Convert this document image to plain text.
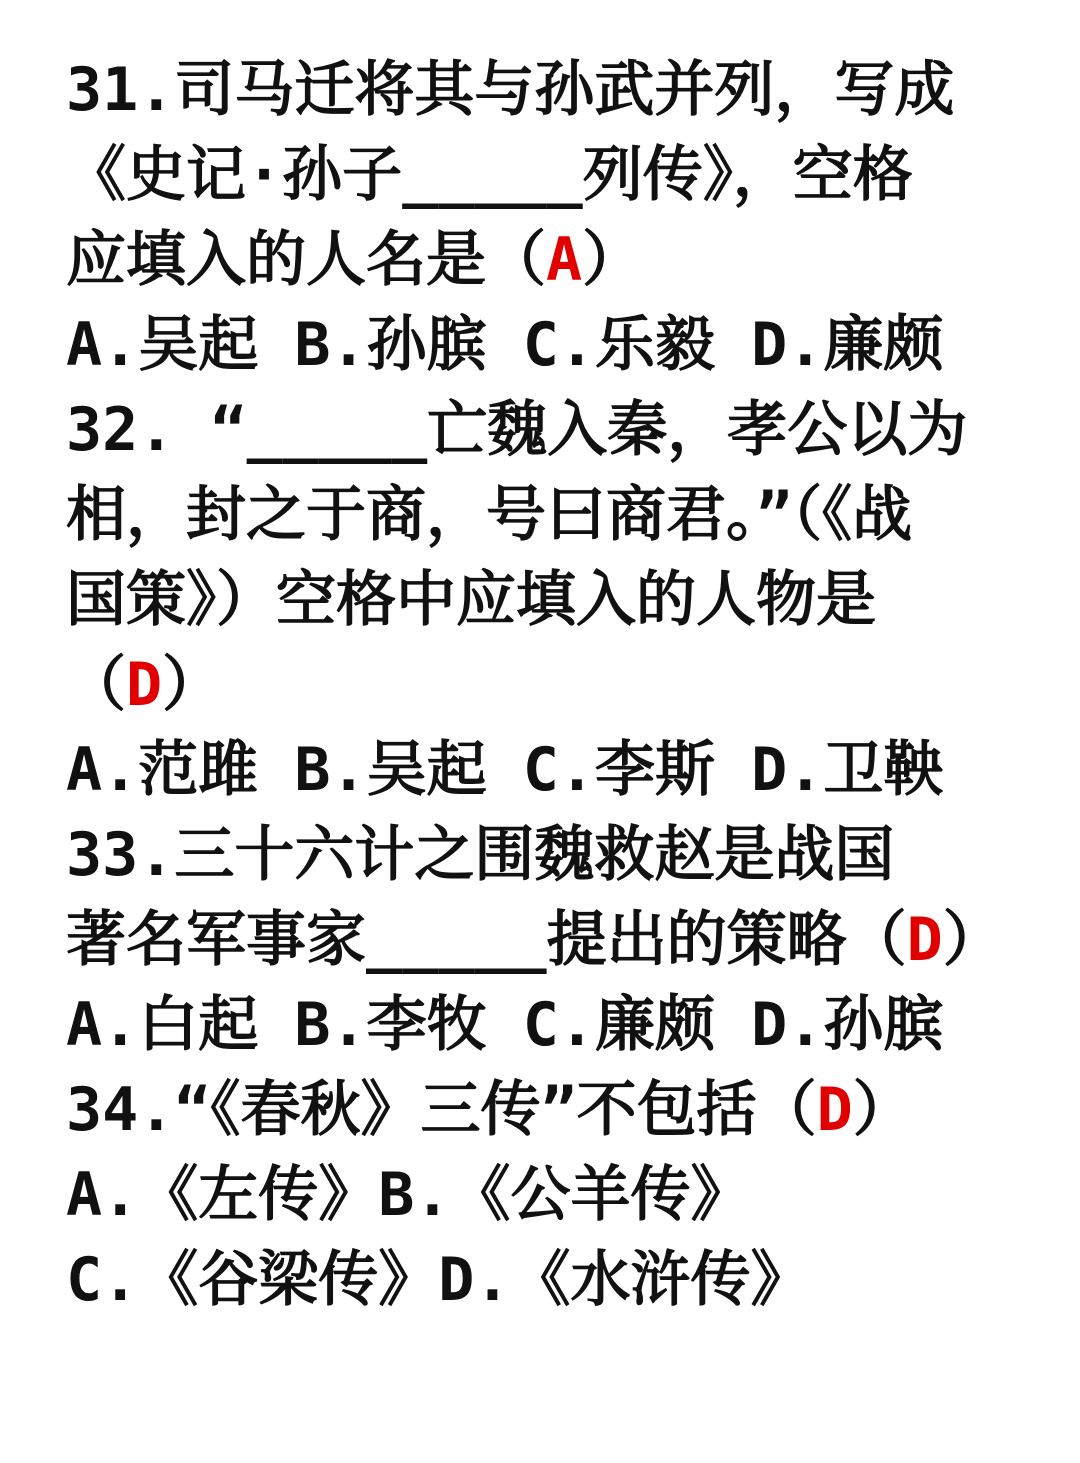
31.司马迁将其与孙武并列，写成
《史记·孙子_____列传》，空格
应填入的人名是（A）
A.吴起 B.孙膑 C.乐毅 D.廉颇
32. “_____亡魏入秦，孝公以为
相，封之于商，号曰商君。”（《战
国策》）空格中应填入的人物是
（D）
A.范雎 B.吴起 C.李斯 D.卫鞅
33.三十六计之围魏救赵是战国
著名军事家_____提出的策略（D）
A.白起 B.李牧 C.廉颇 D.孙膑
34.“《春秋》三传”不包括（D）
A.《左传》B.《公羊传》
C.《谷梁传》D.《水浒传》
